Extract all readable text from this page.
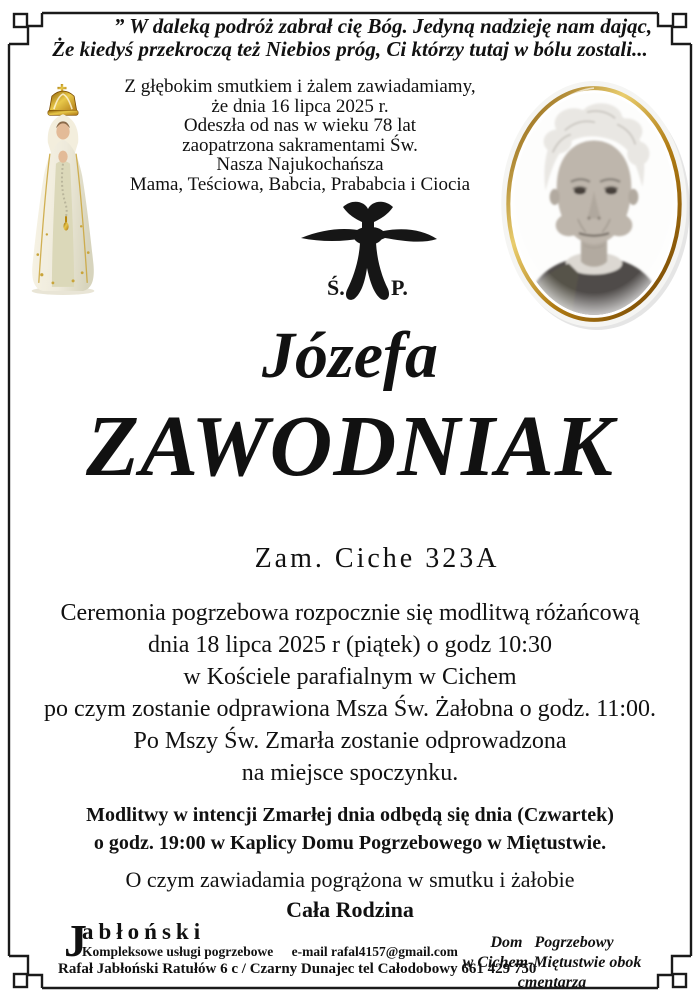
” W daleką podróż zabrał cię Bóg. Jedyną nadzieję nam dając,
Że kiedyś przekroczą też Niebios próg, Ci którzy tutaj w bólu zostali...
Z głębokim smutkiem i żalem zawiadamiamy,
że dnia 16 lipca 2025 r.
Odeszła od nas w wieku 78 lat
zaopatrzona sakramentami Św.
Nasza Najukochańsza
Mama, Teściowa, Babcia, Prababcia i Ciocia
Ś. P.
Józefa
ZAWODNIAK
Zam. Ciche 323A
Ceremonia pogrzebowa rozpocznie się modlitwą różańcową
dnia 18 lipca 2025 r (piątek) o godz 10:30
w Kościele parafialnym w Cichem
po czym zostanie odprawiona Msza Św. Żałobna o godz. 11:00.
Po Mszy Św. Zmarła zostanie odprowadzona
na miejsce spoczynku.
Modlitwy w intencji Zmarłej dnia odbędą się dnia (Czwartek)
o godz. 19:00 w Kaplicy Domu Pogrzebowego w Miętustwie.
O czym zawiadamia pogrążona w smutku i żałobie
Cała Rodzina
J
abłoński
Kompleksowe usługi pogrzebowe e-mail rafal4157@gmail.com
Rafał Jabłoński Ratułów 6 c / Czarny Dunajec tel Całodobowy 661 429 750
Dom   Pogrzebowy
w Cichem-Miętustwie obok cmentarza
